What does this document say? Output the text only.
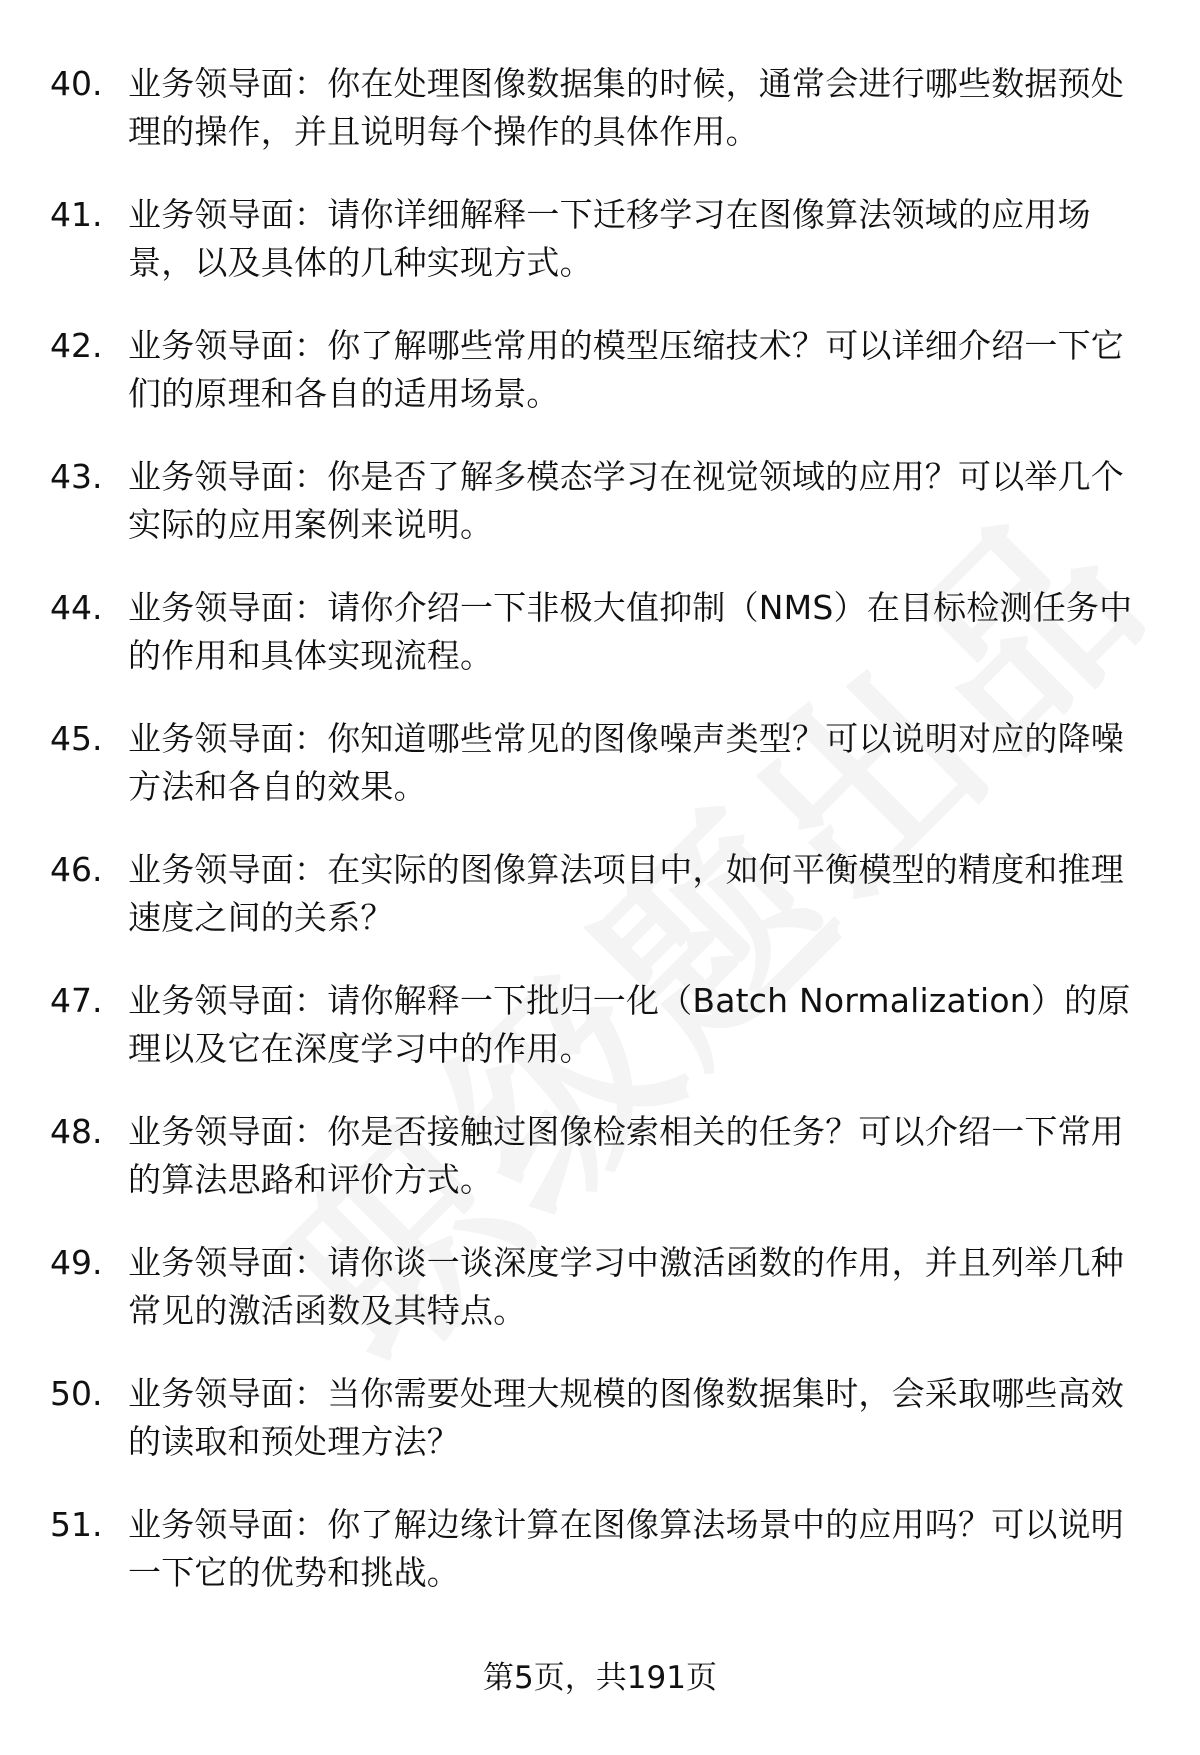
40. 业务领导面：你在处理图像数据集的时候，通常会进行哪些数据预处理的操作，并且说明每个操作的具体作用。
41. 业务领导面：请你详细解释一下迁移学习在图像算法领域的应用场景，以及具体的几种实现方式。
42. 业务领导面：你了解哪些常用的模型压缩技术？可以详细介绍一下它们的原理和各自的适用场景。
43. 业务领导面：你是否了解多模态学习在视觉领域的应用？可以举几个实际的应用案例来说明。
44. 业务领导面：请你介绍一下非极大值抑制（NMS）在目标检测任务中的作用和具体实现流程。
45. 业务领导面：你知道哪些常见的图像噪声类型？可以说明对应的降噪方法和各自的效果。
46. 业务领导面：在实际的图像算法项目中，如何平衡模型的精度和推理速度之间的关系？
47. 业务领导面：请你解释一下批归一化（Batch Normalization）的原理以及它在深度学习中的作用。
48. 业务领导面：你是否接触过图像检索相关的任务？可以介绍一下常用的算法思路和评价方式。
49. 业务领导面：请你谈一谈深度学习中激活函数的作用，并且列举几种常见的激活函数及其特点。
50. 业务领导面：当你需要处理大规模的图像数据集时，会采取哪些高效的读取和预处理方法？
51. 业务领导面：你了解边缘计算在图像算法场景中的应用吗？可以说明一下它的优势和挑战。
第5页，共191页
